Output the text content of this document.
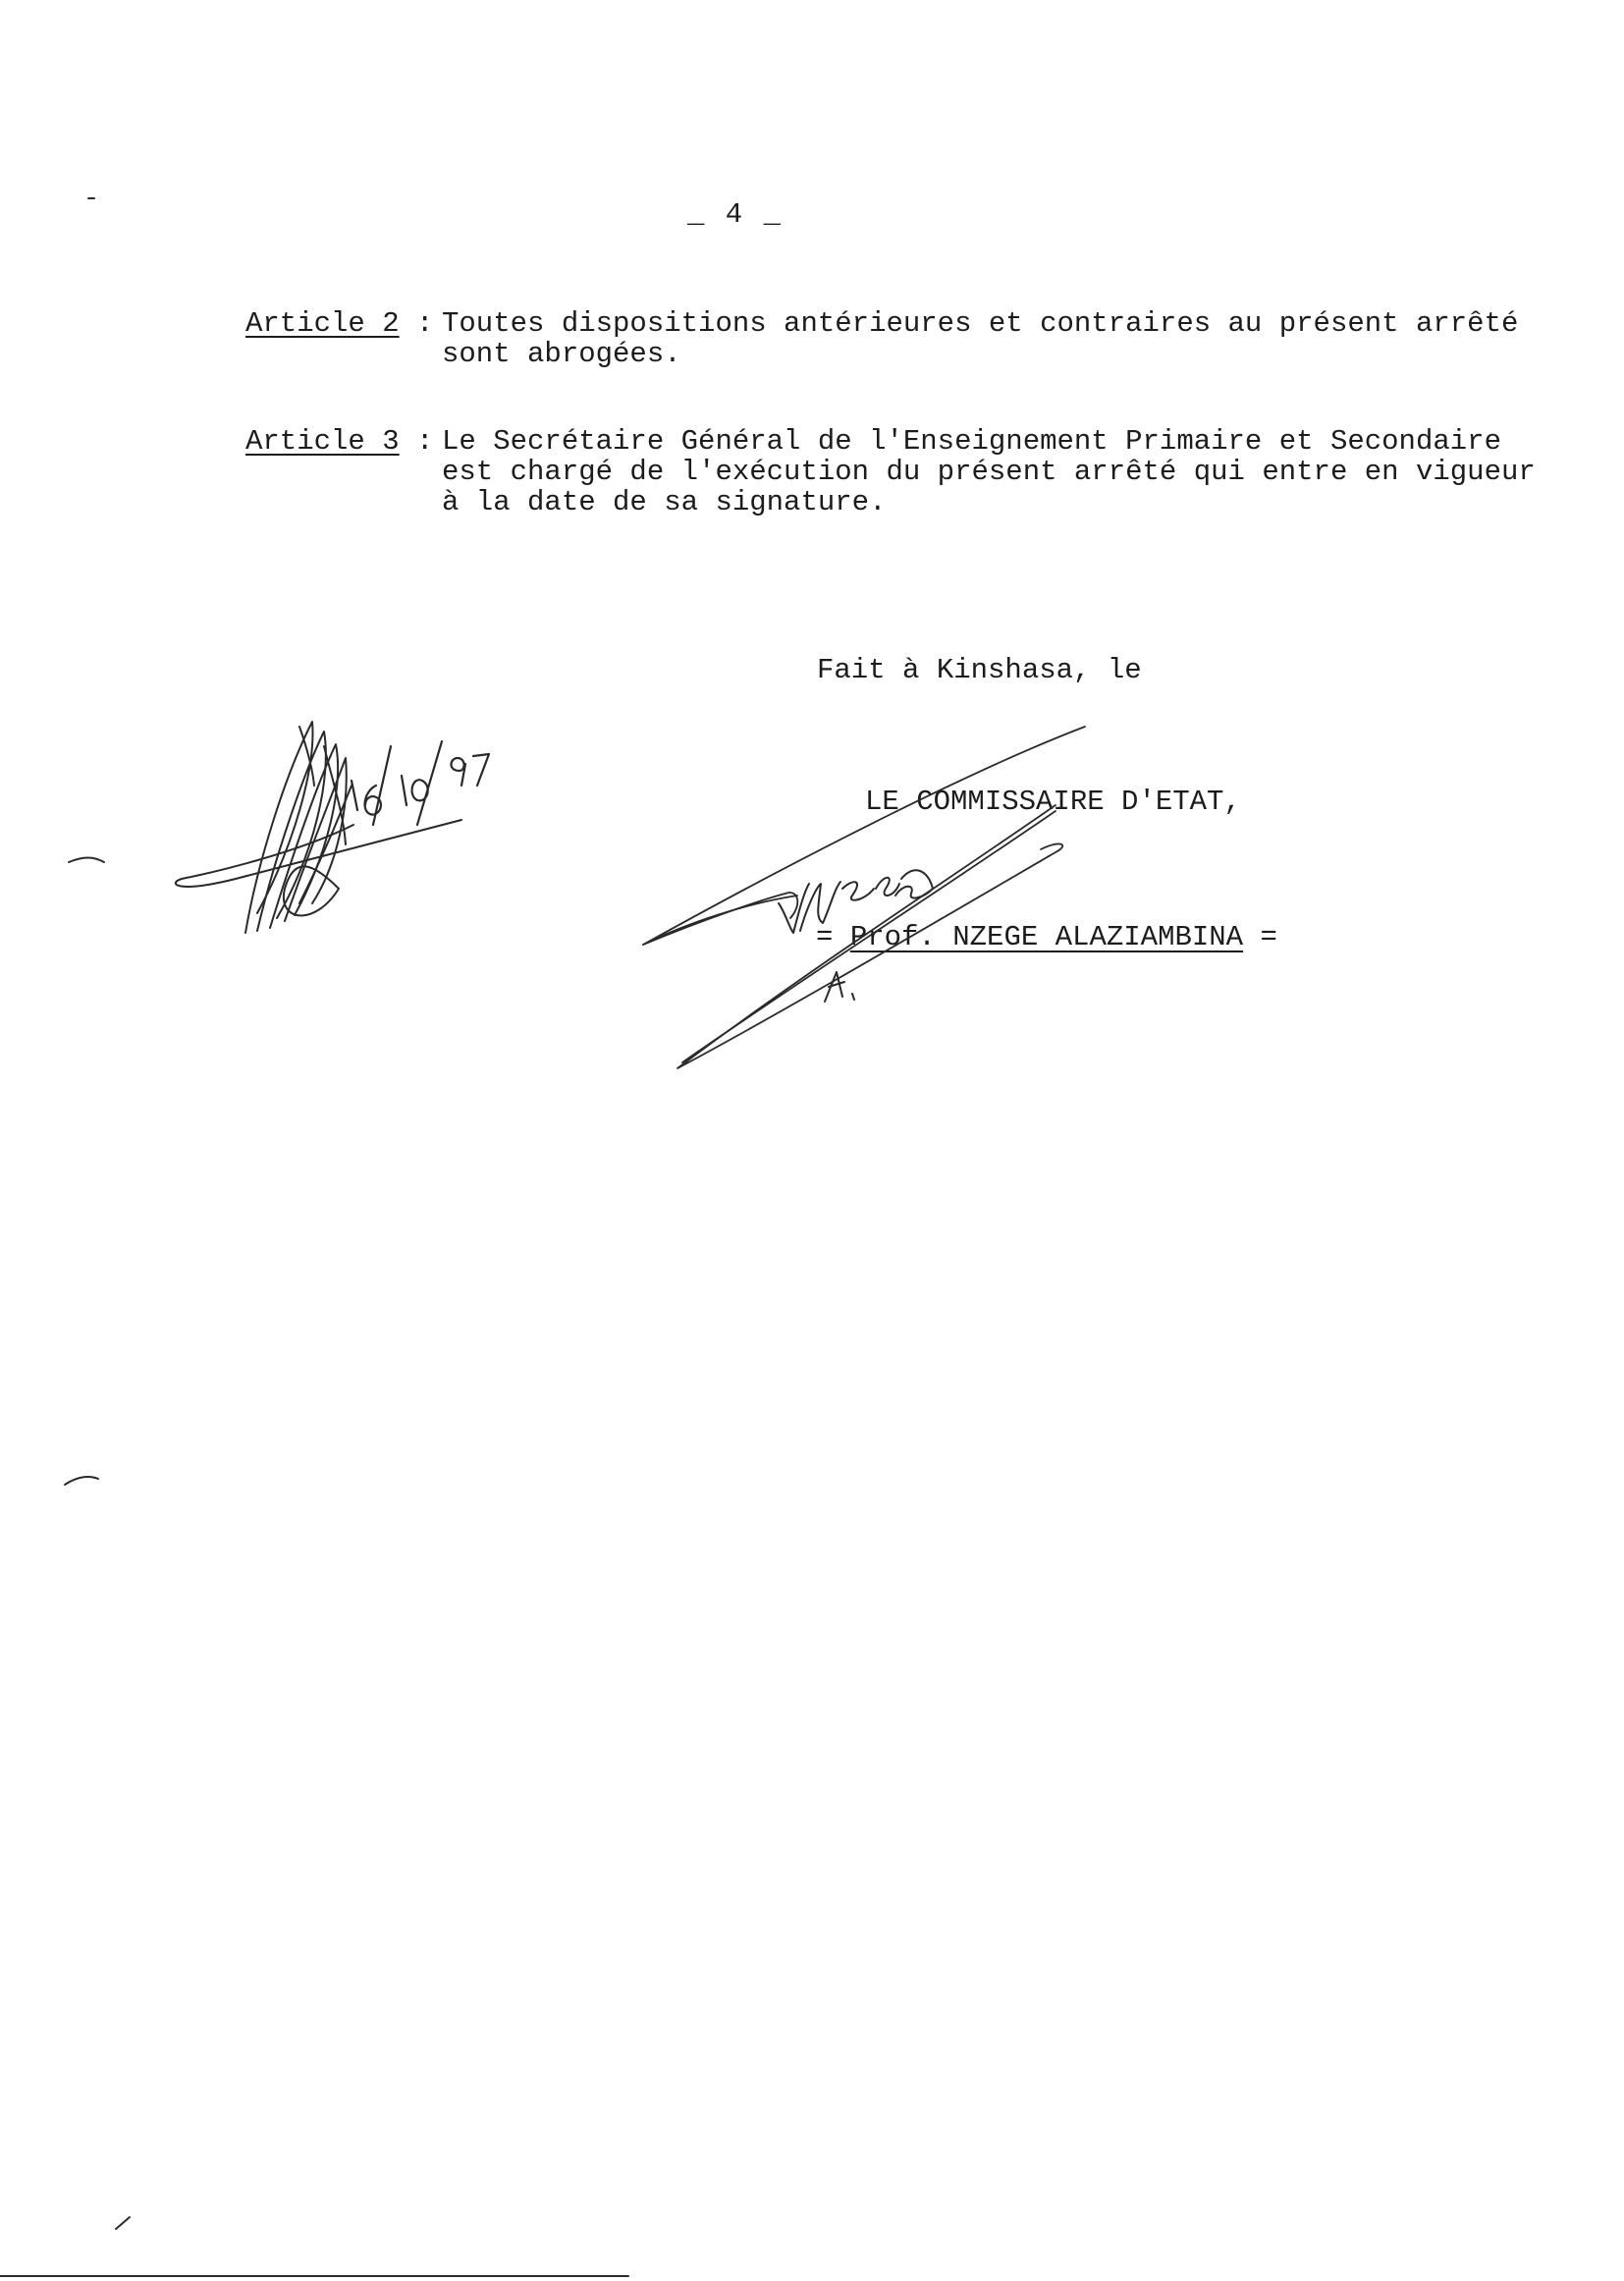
_ 4 _
Article 2 : Toutes dispositions antérieures et contraires au présent arrêté
sont abrogées.
Article 3 : Le Secrétaire Général de l'Enseignement Primaire et Secondaire
est chargé de l'exécution du présent arrêté qui entre en vigueur
à la date de sa signature.
Fait à Kinshasa, le
LE COMMISSAIRE D'ETAT,
= Prof. NZEGE ALAZIAMBINA =
